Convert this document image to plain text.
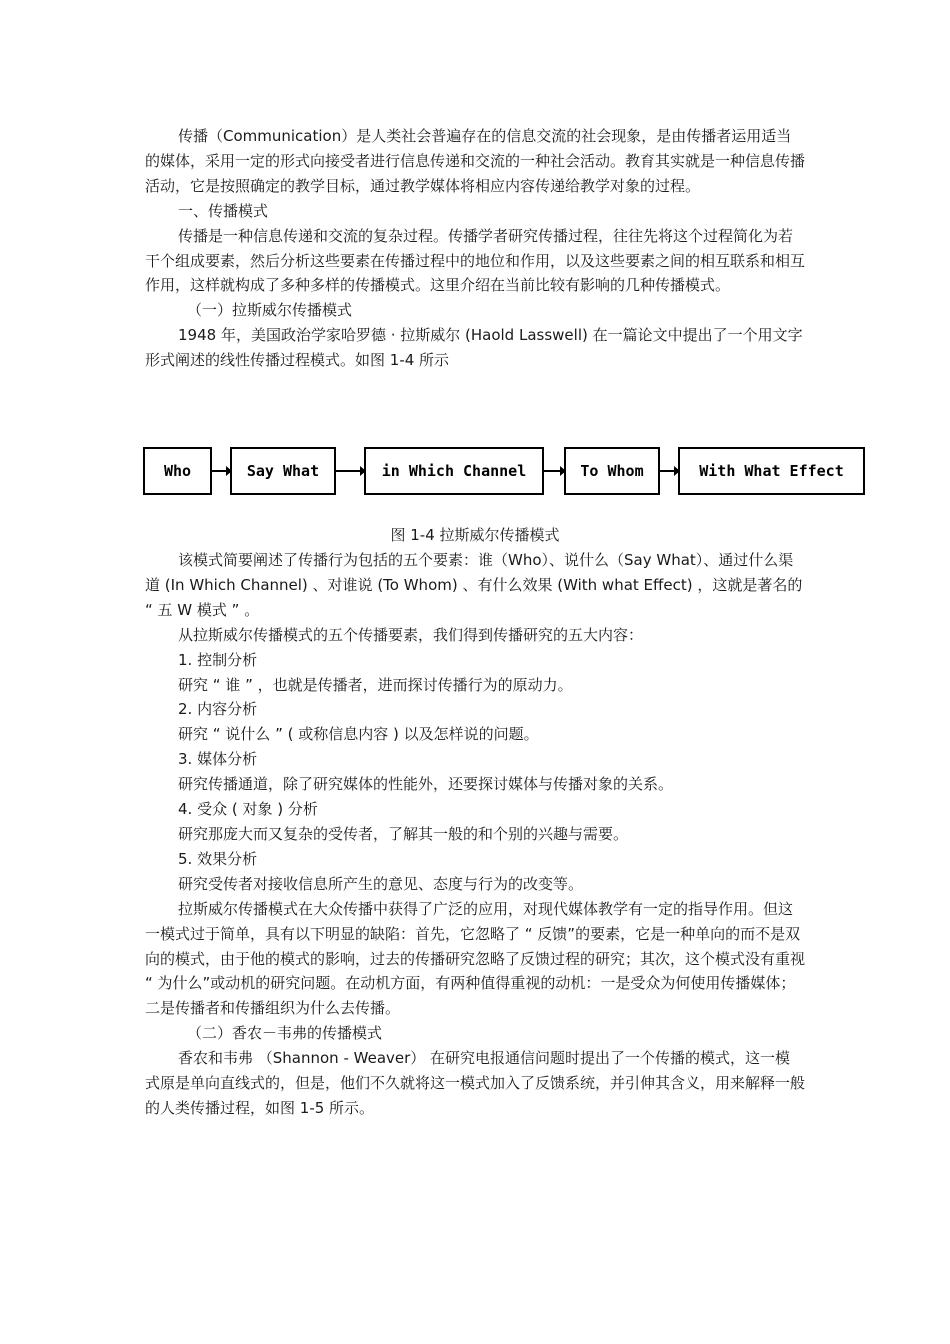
传播（Communication）是人类社会普遍存在的信息交流的社会现象，是由传播者运用适当的媒体，采用一定的形式向接受者进行信息传递和交流的一种社会活动。教育其实就是一种信息传播活动，它是按照确定的教学目标，通过教学媒体将相应内容传递给教学对象的过程。

一、传播模式

传播是一种信息传递和交流的复杂过程。传播学者研究传播过程，往往先将这个过程简化为若干个组成要素，然后分析这些要素在传播过程中的地位和作用，以及这些要素之间的相互联系和相互作用，这样就构成了多种多样的传播模式。这里介绍在当前比较有影响的几种传播模式。

（一）拉斯威尔传播模式

1948 年，美国政治学家哈罗德 · 拉斯威尔 (Haold Lasswell) 在一篇论文中提出了一个用文字形式阐述的线性传播过程模式。如图 1-4 所示

Who	Say What	in Which Channel	To Whom	With What Effect
图 1-4 拉斯威尔传播模式

该模式简要阐述了传播行为包括的五个要素：谁（Who）、说什么（Say What）、通过什么渠道 (In Which Channel) 、对谁说 (To Whom) 、有什么效果 (With what Effect) ，这就是著名的 “ 五 W 模式 ” 。

从拉斯威尔传播模式的五个传播要素，我们得到传播研究的五大内容：

1. 控制分析

研究 “ 谁 ” ，也就是传播者，进而探讨传播行为的原动力。

2. 内容分析

研究 “ 说什么 ” ( 或称信息内容 ) 以及怎样说的问题。

3. 媒体分析

研究传播通道，除了研究媒体的性能外，还要探讨媒体与传播对象的关系。

4. 受众 ( 对象 ) 分析

研究那庞大而又复杂的受传者，了解其一般的和个别的兴趣与需要。

5. 效果分析

研究受传者对接收信息所产生的意见、态度与行为的改变等。

拉斯威尔传播模式在大众传播中获得了广泛的应用，对现代媒体教学有一定的指导作用。但这一模式过于简单，具有以下明显的缺陷：首先，它忽略了 “ 反馈”的要素，它是一种单向的而不是双向的模式，由于他的模式的影响，过去的传播研究忽略了反馈过程的研究；其次，这个模式没有重视 “ 为什么”或动机的研究问题。在动机方面，有两种值得重视的动机：一是受众为何使用传播媒体；二是传播者和传播组织为什么去传播。

（二）香农－韦弗的传播模式

香农和韦弗 （Shannon - Weaver） 在研究电报通信问题时提出了一个传播的模式，这一模式原是单向直线式的，但是，他们不久就将这一模式加入了反馈系统，并引伸其含义，用来解释一般的人类传播过程，如图 1-5 所示。
